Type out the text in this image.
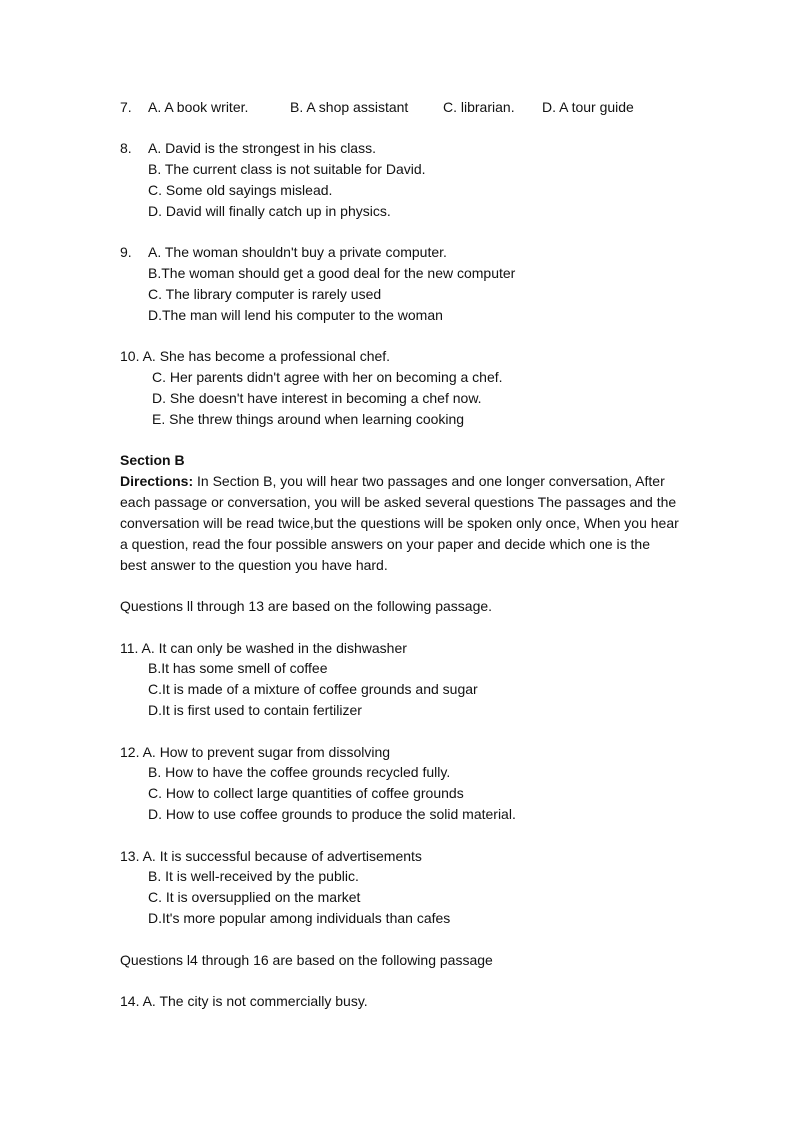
7. A. A book writer.	B. A shop assistant C. librarian. D. A tour guide
8. A. David is the strongest in his class.
B. The current class is not suitable for David.
C. Some old sayings mislead.
D. David will finally catch up in physics.
9. A. The woman shouldn't buy a private computer.
B.The woman should get a good deal for the new computer
C. The library computer is rarely used
D.The man will lend his computer to the woman
10. A. She has become a professional chef.
C. Her parents didn't agree with her on becoming a chef.
D. She doesn't have interest in becoming a chef now.
E. She threw things around when learning cooking
Section B
Directions: In Section B, you will hear two passages and one longer conversation, After each passage or conversation, you will be asked several questions The passages and the conversation will be read twice,but the questions will be spoken only once, When you hear a question, read the four possible answers on your paper and decide which one is the best answer to the question you have hard.
Questions ll through 13 are based on the following passage.
11. A. It can only be washed in the dishwasher
B.It has some smell of coffee
C.It is made of a mixture of coffee grounds and sugar
D.It is first used to contain fertilizer
12. A. How to prevent sugar from dissolving
B. How to have the coffee grounds recycled fully.
C. How to collect large quantities of coffee grounds
D. How to use coffee grounds to produce the solid material.
13. A. It is successful because of advertisements
B. It is well-received by the public.
C. It is oversupplied on the market
D.It's more popular among individuals than cafes
Questions l4 through 16 are based on the following passage
14. A. The city is not commercially busy.
